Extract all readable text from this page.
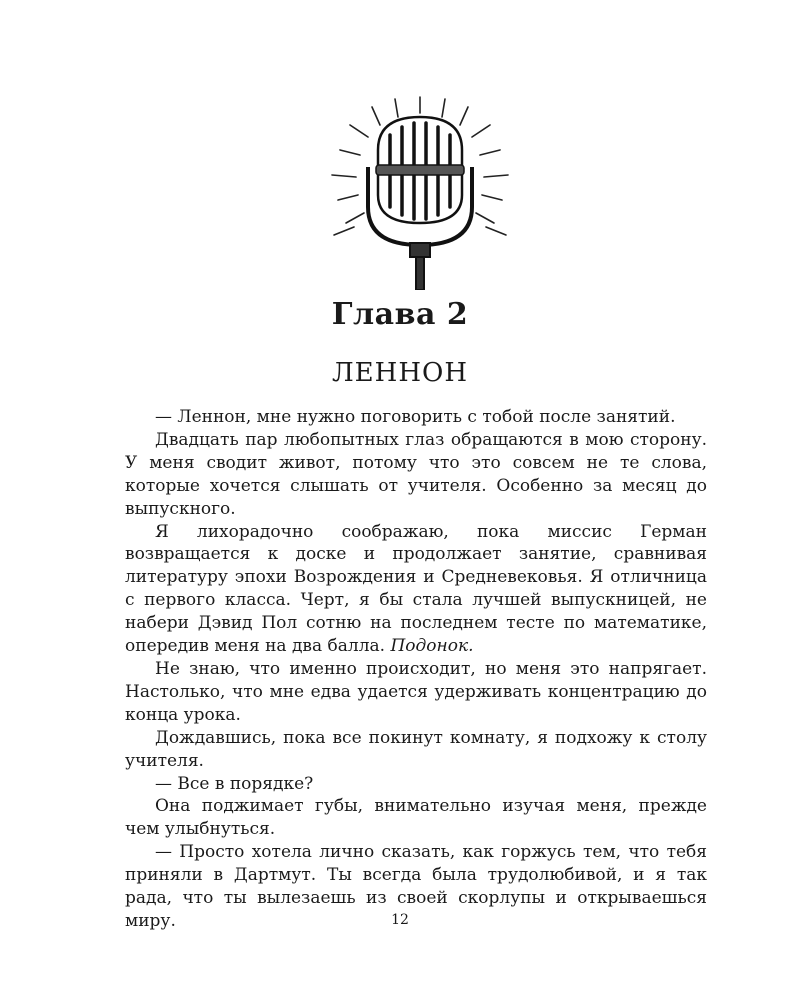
Глава 2
ЛЕННОН

— Леннон, мне нужно поговорить с тобой после занятий.

Двадцать пар любопытных глаз обращаются в мою сторону. У меня сводит живот, потому что это совсем не те слова, которые хочется слышать от учителя. Особенно за месяц до выпускного.

Я лихорадочно соображаю, пока миссис Герман возвращается к доске и продолжает занятие, сравнивая литературу эпохи Возрождения и Средневековья. Я отличница с первого класса. Черт, я бы стала лучшей выпускницей, не набери Дэвид Пол сотню на последнем тесте по математике, опередив меня на два балла. Подонок.

Не знаю, что именно происходит, но меня это напрягает. Настолько, что мне едва удается удерживать концентрацию до конца урока.

Дождавшись, пока все покинут комнату, я подхожу к столу учителя.

— Все в порядке?

Она поджимает губы, внимательно изучая меня, прежде чем улыбнуться.

— Просто хотела лично сказать, как горжусь тем, что тебя приняли в Дартмут. Ты всегда была трудолюбивой, и я так рада, что ты вылезаешь из своей скорлупы и открываешься миру.	12
